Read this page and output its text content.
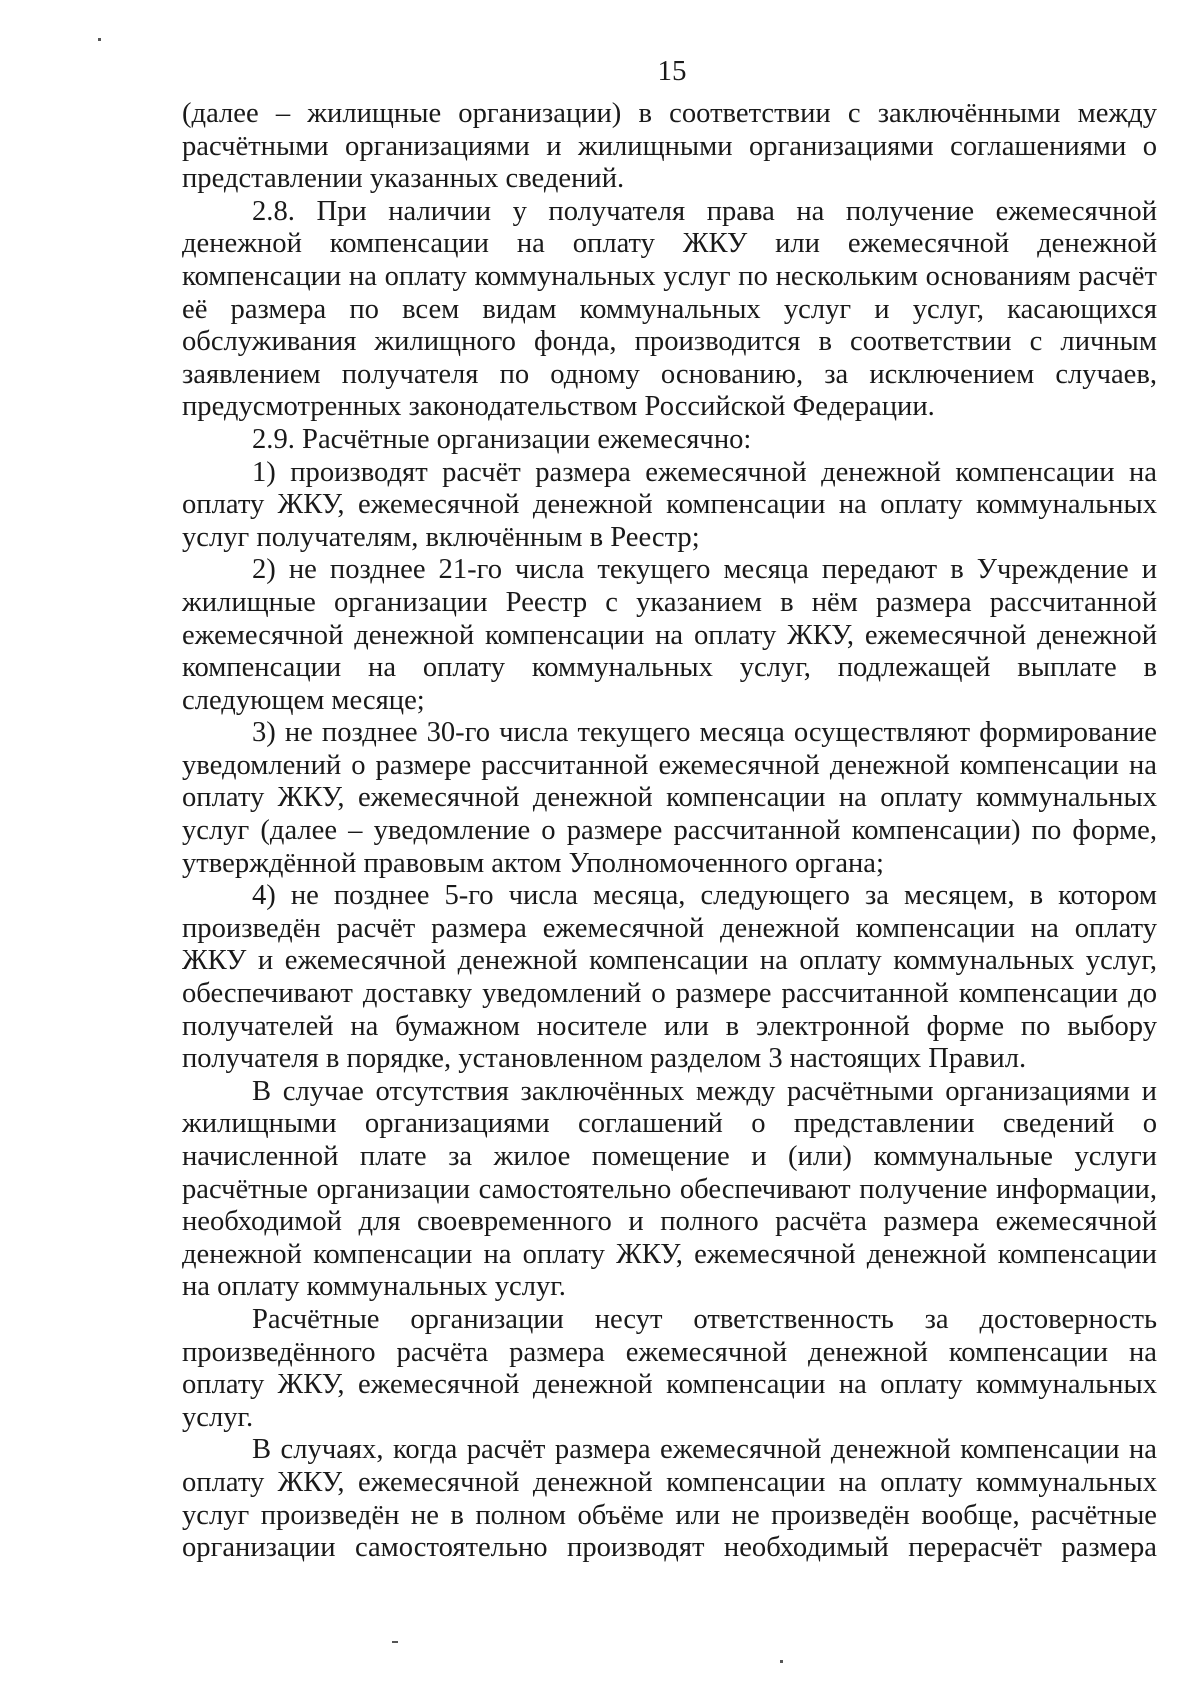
15

(далее – жилищные организации) в соответствии с заключёнными между расчётными организациями и жилищными организациями соглашениями о представлении указанных сведений.

2.8. При наличии у получателя права на получение ежемесячной денежной компенсации на оплату ЖКУ или ежемесячной денежной компенсации на оплату коммунальных услуг по нескольким основаниям расчёт её размера по всем видам коммунальных услуг и услуг, касающихся обслуживания жилищного фонда, производится в соответствии с личным заявлением получателя по одному основанию, за исключением случаев, предусмотренных законодательством Российской Федерации.

2.9. Расчётные организации ежемесячно:

1) производят расчёт размера ежемесячной денежной компенсации на оплату ЖКУ, ежемесячной денежной компенсации на оплату коммунальных услуг получателям, включённым в Реестр;

2) не позднее 21-го числа текущего месяца передают в Учреждение и жилищные организации Реестр с указанием в нём размера рассчитанной ежемесячной денежной компенсации на оплату ЖКУ, ежемесячной денежной компенсации на оплату коммунальных услуг, подлежащей выплате в следующем месяце;

3) не позднее 30-го числа текущего месяца осуществляют формирование уведомлений о размере рассчитанной ежемесячной денежной компенсации на оплату ЖКУ, ежемесячной денежной компенсации на оплату коммунальных услуг (далее – уведомление о размере рассчитанной компенсации) по форме, утверждённой правовым актом Уполномоченного органа;

4) не позднее 5-го числа месяца, следующего за месяцем, в котором произведён расчёт размера ежемесячной денежной компенсации на оплату ЖКУ и ежемесячной денежной компенсации на оплату коммунальных услуг, обеспечивают доставку уведомлений о размере рассчитанной компенсации до получателей на бумажном носителе или в электронной форме по выбору получателя в порядке, установленном разделом 3 настоящих Правил.

В случае отсутствия заключённых между расчётными организациями и жилищными организациями соглашений о представлении сведений о начисленной плате за жилое помещение и (или) коммунальные услуги расчётные организации самостоятельно обеспечивают получение информации, необходимой для своевременного и полного расчёта размера ежемесячной денежной компенсации на оплату ЖКУ, ежемесячной денежной компенсации на оплату коммунальных услуг.

Расчётные организации несут ответственность за достоверность произведённого расчёта размера ежемесячной денежной компенсации на оплату ЖКУ, ежемесячной денежной компенсации на оплату коммунальных услуг.

В случаях, когда расчёт размера ежемесячной денежной компенсации на оплату ЖКУ, ежемесячной денежной компенсации на оплату коммунальных услуг произведён не в полном объёме или не произведён вообще, расчётные организации самостоятельно производят необходимый перерасчёт размера
